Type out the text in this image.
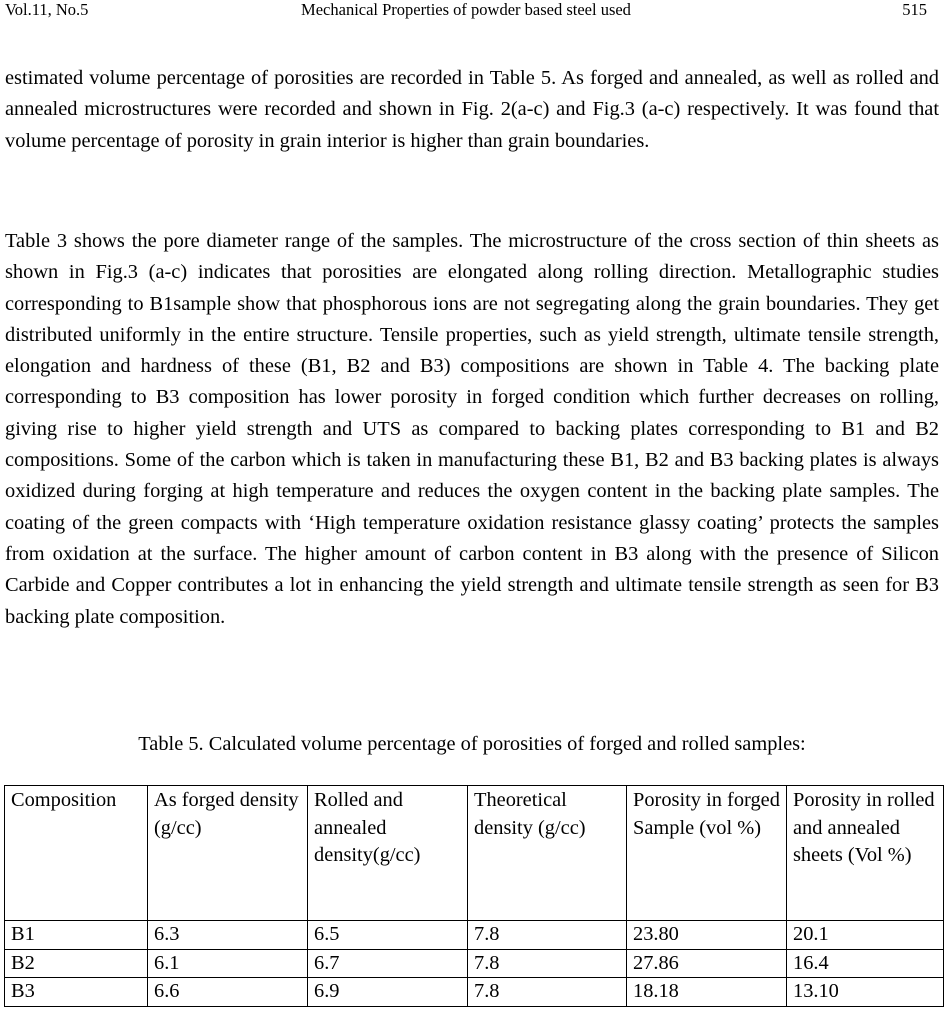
Vol.11, No.5	Mechanical Properties of powder based steel used	515

estimated volume percentage of porosities are recorded in Table 5. As forged and annealed, as well as rolled and annealed microstructures were recorded and shown in Fig. 2(a-c) and Fig.3 (a-c) respectively. It was found that volume percentage of porosity in grain interior is higher than grain boundaries.

Table 3 shows the pore diameter range of the samples. The microstructure of the cross section of thin sheets as shown in Fig.3 (a-c) indicates that porosities are elongated along rolling direction. Metallographic studies corresponding to B1sample show that phosphorous ions are not segregating along the grain boundaries. They get distributed uniformly in the entire structure. Tensile properties, such as yield strength, ultimate tensile strength, elongation and hardness of these (B1, B2 and B3) compositions are shown in Table 4. The backing plate corresponding to B3 composition has lower porosity in forged condition which further decreases on rolling, giving rise to higher yield strength and UTS as compared to backing plates corresponding to B1 and B2 compositions. Some of the carbon which is taken in manufacturing these B1, B2 and B3 backing plates is always oxidized during forging at high temperature and reduces the oxygen content in the backing plate samples. The coating of the green compacts with ‘High temperature oxidation resistance glassy coating’ protects the samples from oxidation at the surface. The higher amount of carbon content in B3 along with the presence of Silicon Carbide and Copper contributes a lot in enhancing the yield strength and ultimate tensile strength as seen for B3 backing plate composition.

Table 5. Calculated volume percentage of porosities of forged and rolled samples:
Composition	As forged density (g/cc)	Rolled and annealed density(g/cc)	Theoretical density (g/cc)	Porosity in forged Sample (vol %)	Porosity in rolled and annealed sheets (Vol %)
B1	6.3	6.5	7.8	23.80	20.1
B2	6.1	6.7	7.8	27.86	16.4
B3	6.6	6.9	7.8	18.18	13.10
